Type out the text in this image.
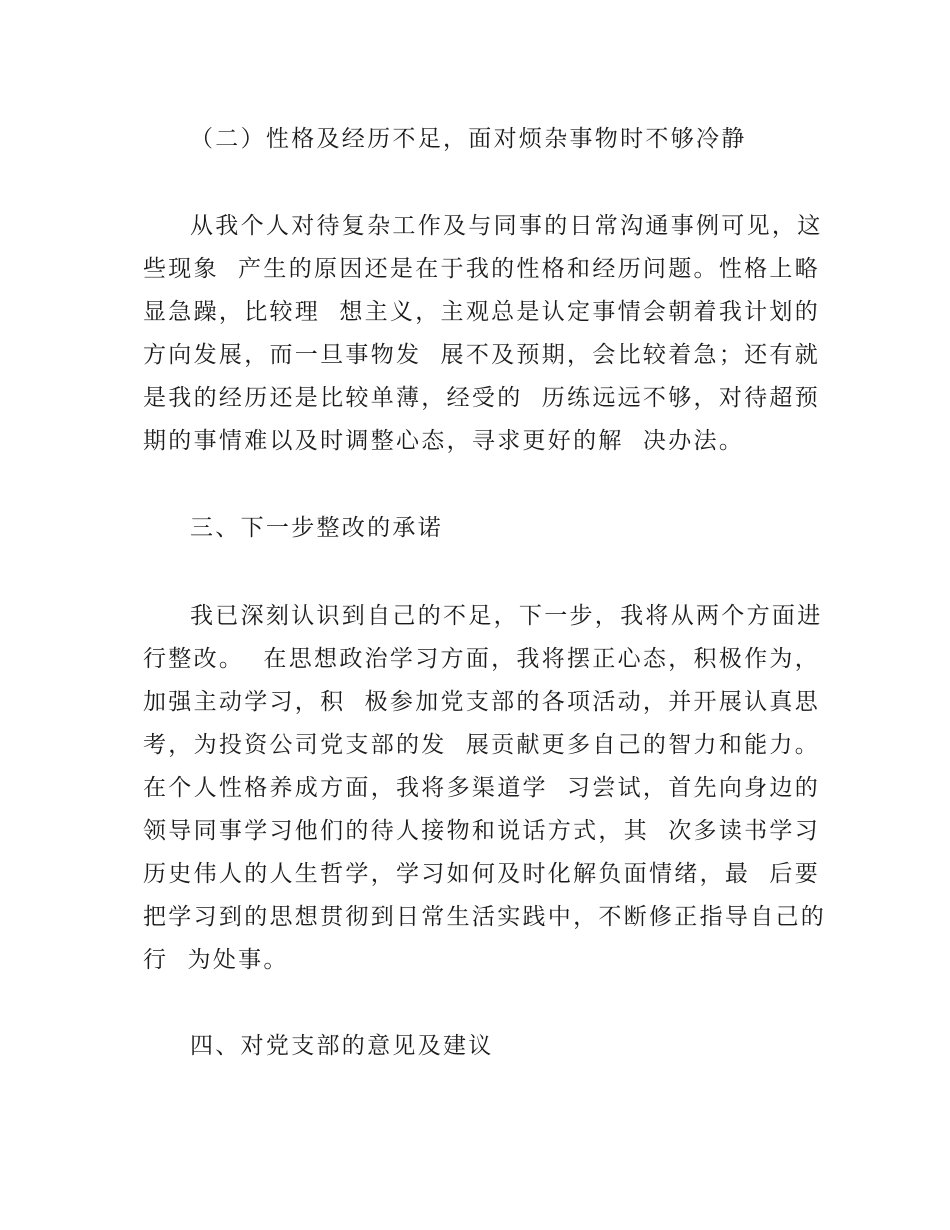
（二）性格及经历不足，面对烦杂事物时不够冷静
从我个人对待复杂工作及与同事的日常沟通事例可见，这
些现象  产生的原因还是在于我的性格和经历问题。性格上略
显急躁，比较理  想主义，主观总是认定事情会朝着我计划的
方向发展，而一旦事物发  展不及预期，会比较着急；还有就
是我的经历还是比较单薄，经受的  历练远远不够，对待超预
期的事情难以及时调整心态，寻求更好的解  决办法。
三、下一步整改的承诺
我已深刻认识到自己的不足，下一步，我将从两个方面进
行整改。  在思想政治学习方面，我将摆正心态，积极作为，
加强主动学习，积  极参加党支部的各项活动，并开展认真思
考，为投资公司党支部的发  展贡献更多自己的智力和能力。
在个人性格养成方面，我将多渠道学  习尝试，首先向身边的
领导同事学习他们的待人接物和说话方式，其  次多读书学习
历史伟人的人生哲学，学习如何及时化解负面情绪，最  后要
把学习到的思想贯彻到日常生活实践中，不断修正指导自己的
行  为处事。
四、对党支部的意见及建议
